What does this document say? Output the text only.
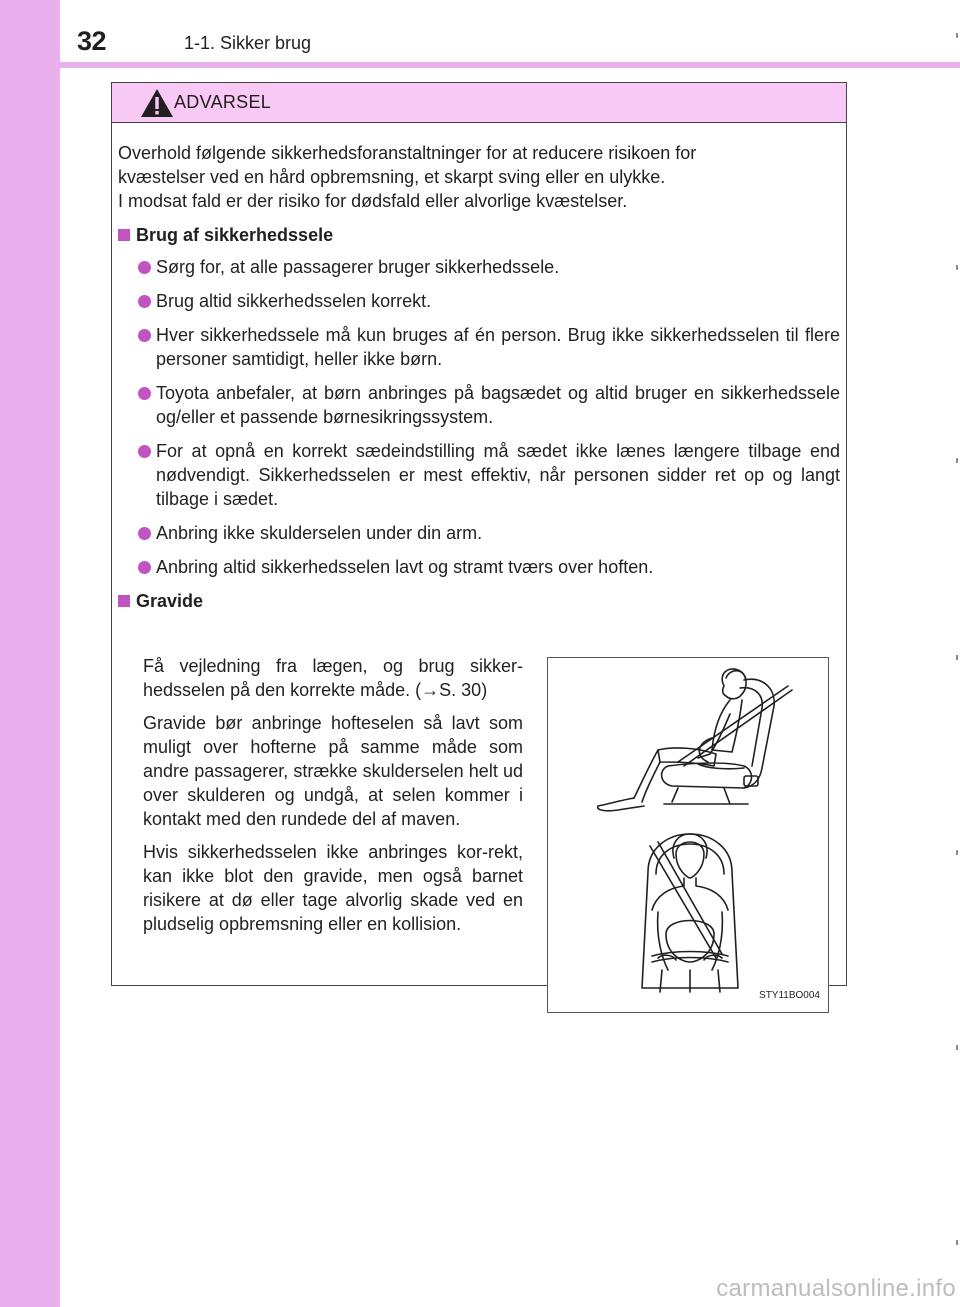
32	1-1. Sikker brug
ADVARSEL

Overhold følgende sikkerhedsforanstaltninger for at reducere risikoen for

kvæstelser ved en hård opbremsning, et skarpt sving eller en ulykke.

I modsat fald er der risiko for dødsfald eller alvorlige kvæstelser.

Brug af sikkerhedssele
Sørg for, at alle passagerer bruger sikkerhedssele.
Brug altid sikkerhedsselen korrekt.
Hver sikkerhedssele må kun bruges af én person. Brug ikke sikkerhedsselen til flere personer samtidigt, heller ikke børn.
Toyota anbefaler, at børn anbringes på bagsædet og altid bruger en sikkerhedssele og/eller et passende børnesikringssystem.
For at opnå en korrekt sædeindstilling må sædet ikke lænes længere tilbage end nødvendigt. Sikkerhedsselen er mest effektiv, når personen sidder ret op og langt tilbage i sædet.
Anbring ikke skulderselen under din arm.
Anbring altid sikkerhedsselen lavt og stramt tværs over hoften.
Gravide

Få vejledning fra lægen, og brug sikker-hedsselen på den korrekte måde. (→S. 30)

Gravide bør anbringe hofteselen så lavt som muligt over hofterne på samme måde som andre passagerer, strække skulderselen helt ud over skulderen og undgå, at selen kommer i kontakt med den rundede del af maven.

Hvis sikkerhedsselen ikke anbringes kor-rekt, kan ikke blot den gravide, men også barnet risikere at dø eller tage alvorlig skade ved en pludselig opbremsning eller en kollision.

STY11BO004
carmanualsonline.info
